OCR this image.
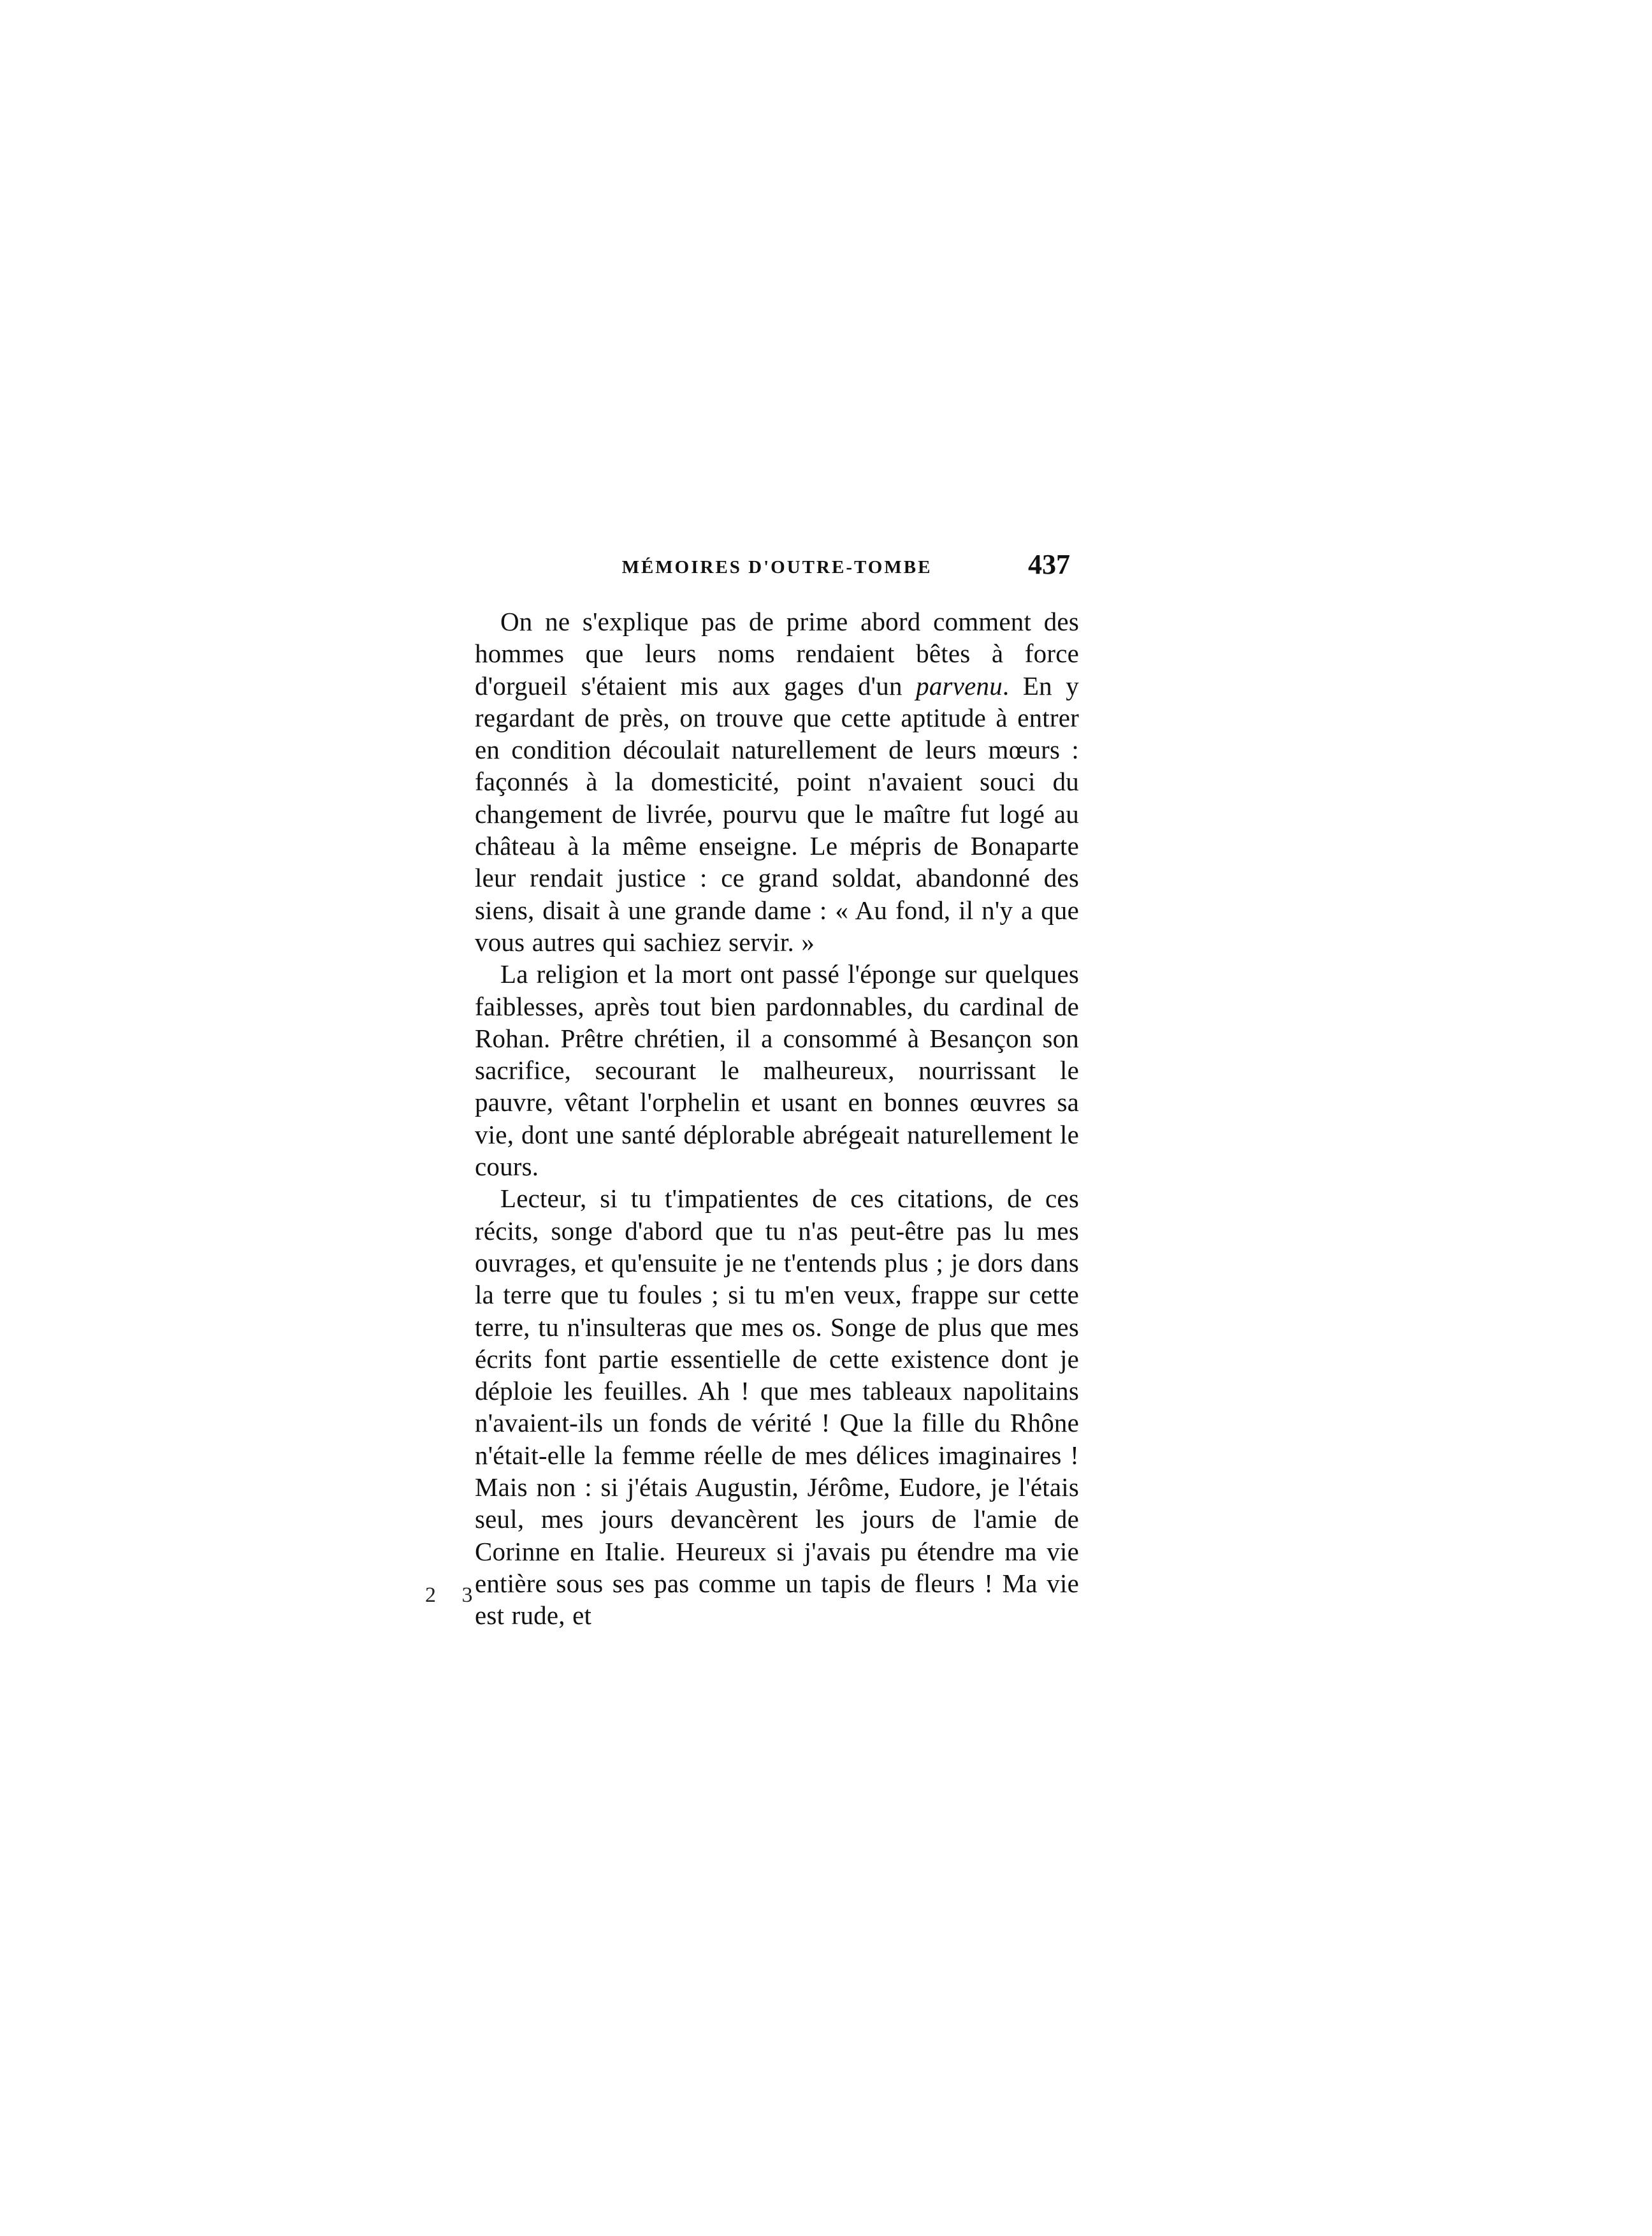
MÉMOIRES D'OUTRE-TOMBE	437

On ne s'explique pas de prime abord comment des hommes que leurs noms rendaient bêtes à force d'orgueil s'étaient mis aux gages d'un parvenu. En y regardant de près, on trouve que cette aptitude à entrer en condition découlait naturellement de leurs mœurs : façonnés à la domesticité, point n'avaient souci du changement de livrée, pourvu que le maître fut logé au château à la même enseigne. Le mépris de Bonaparte leur rendait justice : ce grand soldat, abandonné des siens, disait à une grande dame : « Au fond, il n'y a que vous autres qui sachiez servir. »

La religion et la mort ont passé l'éponge sur quelques faiblesses, après tout bien pardonnables, du cardinal de Rohan. Prêtre chrétien, il a consommé à Besançon son sacrifice, secourant le malheureux, nourrissant le pauvre, vêtant l'orphelin et usant en bonnes œuvres sa vie, dont une santé déplorable abrégeait naturellement le cours.

Lecteur, si tu t'impatientes de ces citations, de ces récits, songe d'abord que tu n'as peut-être pas lu mes ouvrages, et qu'ensuite je ne t'entends plus ; je dors dans la terre que tu foules ; si tu m'en veux, frappe sur cette terre, tu n'insulteras que mes os. Songe de plus que mes écrits font partie essentielle de cette existence dont je déploie les feuilles. Ah ! que mes tableaux napolitains n'avaient-ils un fonds de vérité ! Que la fille du Rhône n'était-elle la femme réelle de mes délices imaginaires ! Mais non : si j'étais Augustin, Jérôme, Eudore, je l'étais seul, mes jours devancèrent les jours de l'amie de Corinne en Italie. Heureux si j'avais pu étendre ma vie entière sous ses pas comme un tapis de fleurs ! Ma vie est rude, et

2 3
